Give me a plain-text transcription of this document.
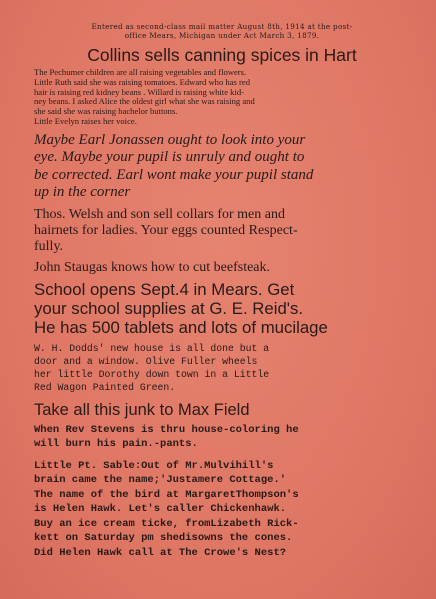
Entered as second-class mail matter August 8th, 1914 at the post-
office Mears, Michigan under Act March 3, 1879.

Collins sells canning spices in Hart

The Pechumer children are all raising vegetables and flowers.
Little Ruth said she was raising tomatoes. Edward who has red
hair is raising red kidney beans . Willard is raising white kid-
ney beans. I asked Alice the oldest girl what she was raising and
she said she was raising bachelor buttons.
Little Evelyn raises her voice.

Maybe Earl Jonassen ought to look into your
eye. Maybe your pupil is unruly and ought to
be corrected. Earl wont make your pupil stand
up in the corner

Thos. Welsh and son sell collars for men and
hairnets for ladies. Your eggs counted Respect-
fully.

John Staugas knows how to cut beefsteak.

School opens Sept.4 in Mears. Get
your school supplies at G. E. Reid's.
He has 500 tablets and lots of mucilage

W. H. Dodds' new house is all done but a
door and a window. Olive Fuller wheels
her little Dorothy down town in a Little
Red Wagon Painted Green.

Take all this junk to Max Field

When Rev Stevens is thru house-coloring he
will burn his pain.-pants.

Little Pt. Sable:Out of Mr.Mulvihill's
brain came the name;'Justamere Cottage.'
The name of the bird at MargaretThompson's
is Helen Hawk. Let's caller Chickenhawk.
Buy an ice cream ticke, fromLizabeth Rick-
kett on Saturday pm shedisowns the cones.
Did Helen Hawk call at The Crowe's Nest?
